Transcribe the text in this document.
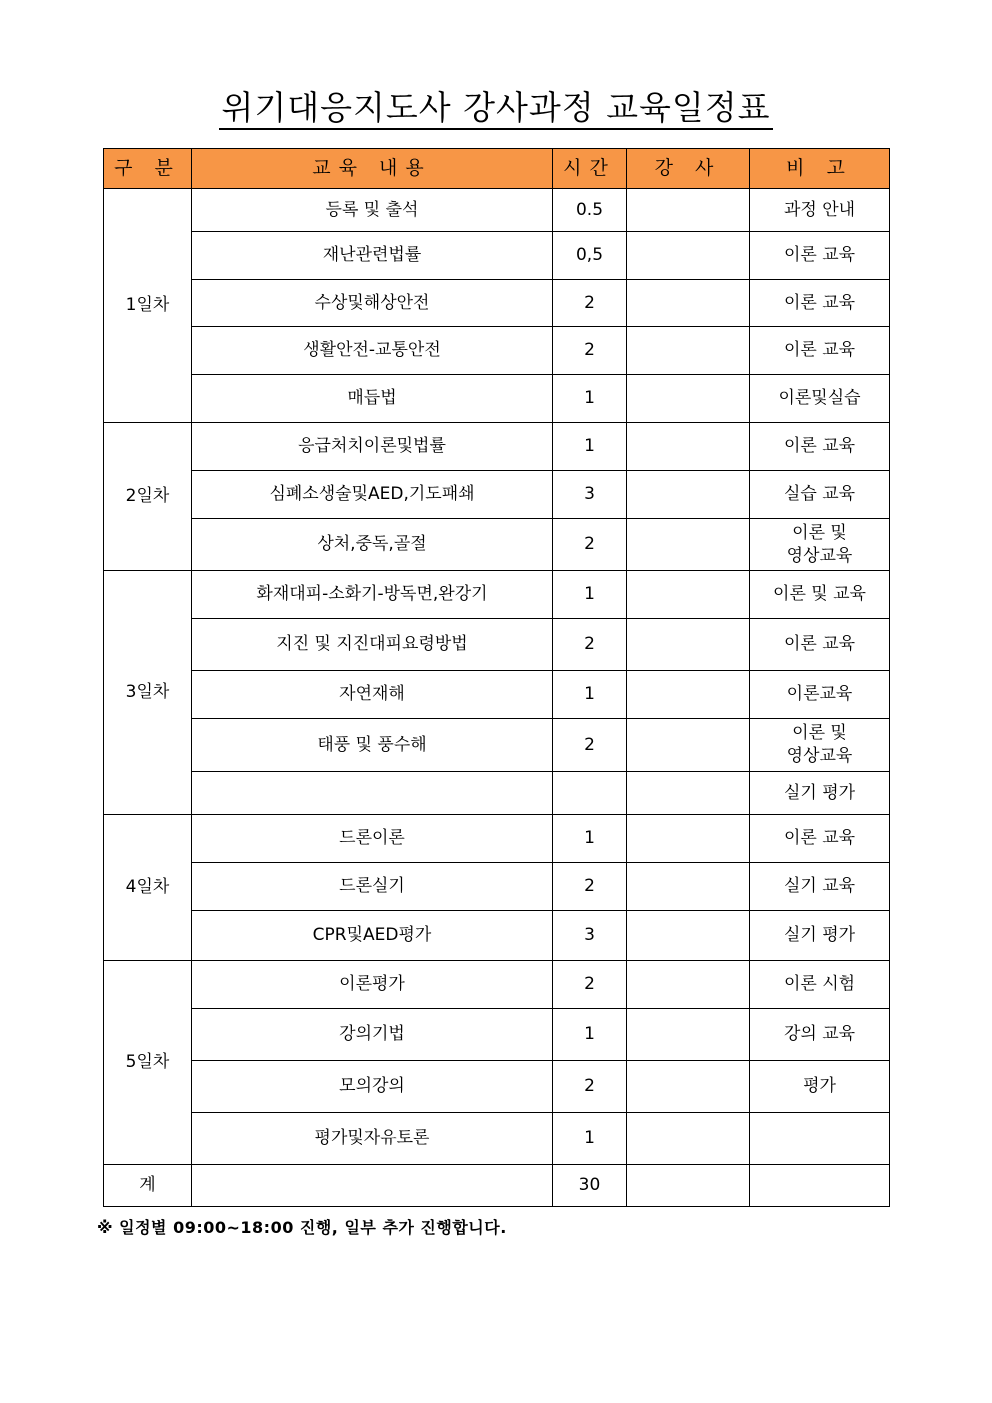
위기대응지도사 강사과정 교육일정표
구 분	교육 내용	시간	강 사	비 고
1일차	등록 및 출석	0.5		과정 안내
	재난관련법률	0,5		이론 교육
	수상및해상안전	2		이론 교육
	생활안전-교통안전	2		이론 교육
	매듭법	1		이론및실습
2일차	응급처치이론및법률	1		이론 교육
	심폐소생술및AED,기도패쇄	3		실습 교육
	상처,중독,골절	2		이론 및
영상교육

3일차	화재대피-소화기-방독면,완강기	1		이론 및 교육
	지진 및 지진대피요령방법	2		이론 교육
	자연재해	1		이론교육
	태풍 및 풍수해	2		이론 및
영상교육

				실기 평가
4일차	드론이론	1		이론 교육
	드론실기	2		실기 교육
	CPR및AED평가	3		실기 평가
5일차	이론평가	2		이론 시험
	강의기법	1		강의 교육
	모의강의	2		평가
	평가및자유토론	1		
계		30		
※ 일정별 09:00~18:00 진행, 일부 추가 진행합니다.
